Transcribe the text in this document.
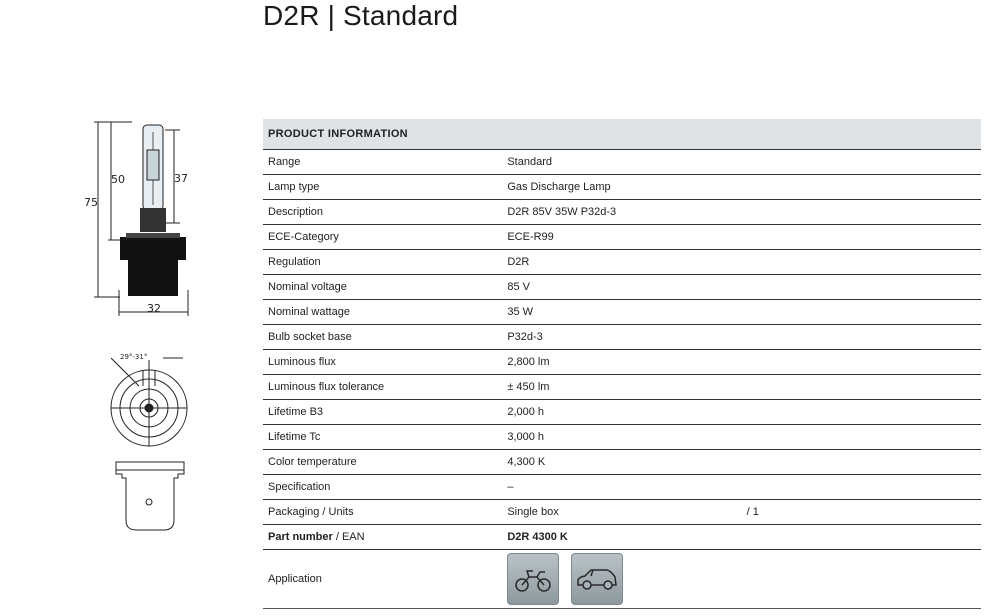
D2R | Standard
50	37
75
32
29°-31°
PRODUCT INFORMATION		
Range	Standard	
Lamp type	Gas Discharge Lamp	
Description	D2R 85V 35W P32d-3	
ECE-Category	ECE-R99	
Regulation	D2R	
Nominal voltage	85 V	
Nominal wattage	35 W	
Bulb socket base	P32d-3	
Luminous flux	2,800 lm	
Luminous flux tolerance	± 450 lm	
Lifetime B3	2,000 h	
Lifetime Tc	3,000 h	
Color temperature	4,300 K	
Specification	–	
Packaging / Units	Single box	/ 1
Part number / EAN	D2R 4300 K	
Application	
